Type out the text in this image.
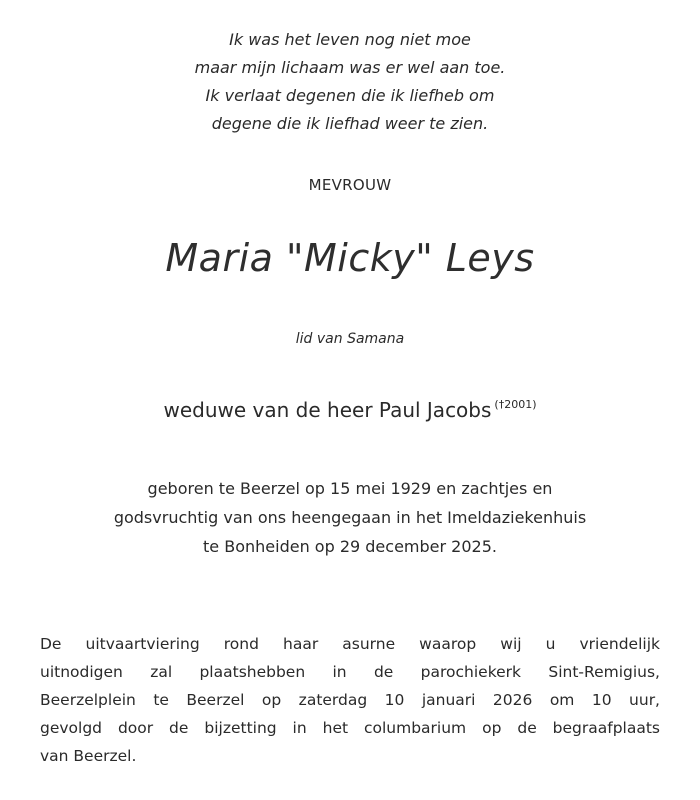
Ik was het leven nog niet moe
maar mijn lichaam was er wel aan toe.
Ik verlaat degenen die ik liefheb om
degene die ik liefhad weer te zien.
MEVROUW
Maria "Micky" Leys
lid van Samana
weduwe van de heer Paul Jacobs $^{(\dagger 2001)}$
geboren te Beerzel op 15 mei 1929 en zachtjes en
godsvruchtig van ons heengegaan in het Imeldaziekenhuis
te Bonheiden op 29 december 2025.
De uitvaartviering rond haar asurne waarop wij u vriendelijk
uitnodigen zal plaatshebben in de parochiekerk Sint-Remigius,
Beerzelplein te Beerzel op zaterdag 10 januari 2026 om 10 uur,
gevolgd door de bijzetting in het columbarium op de begraafplaats
van Beerzel.
